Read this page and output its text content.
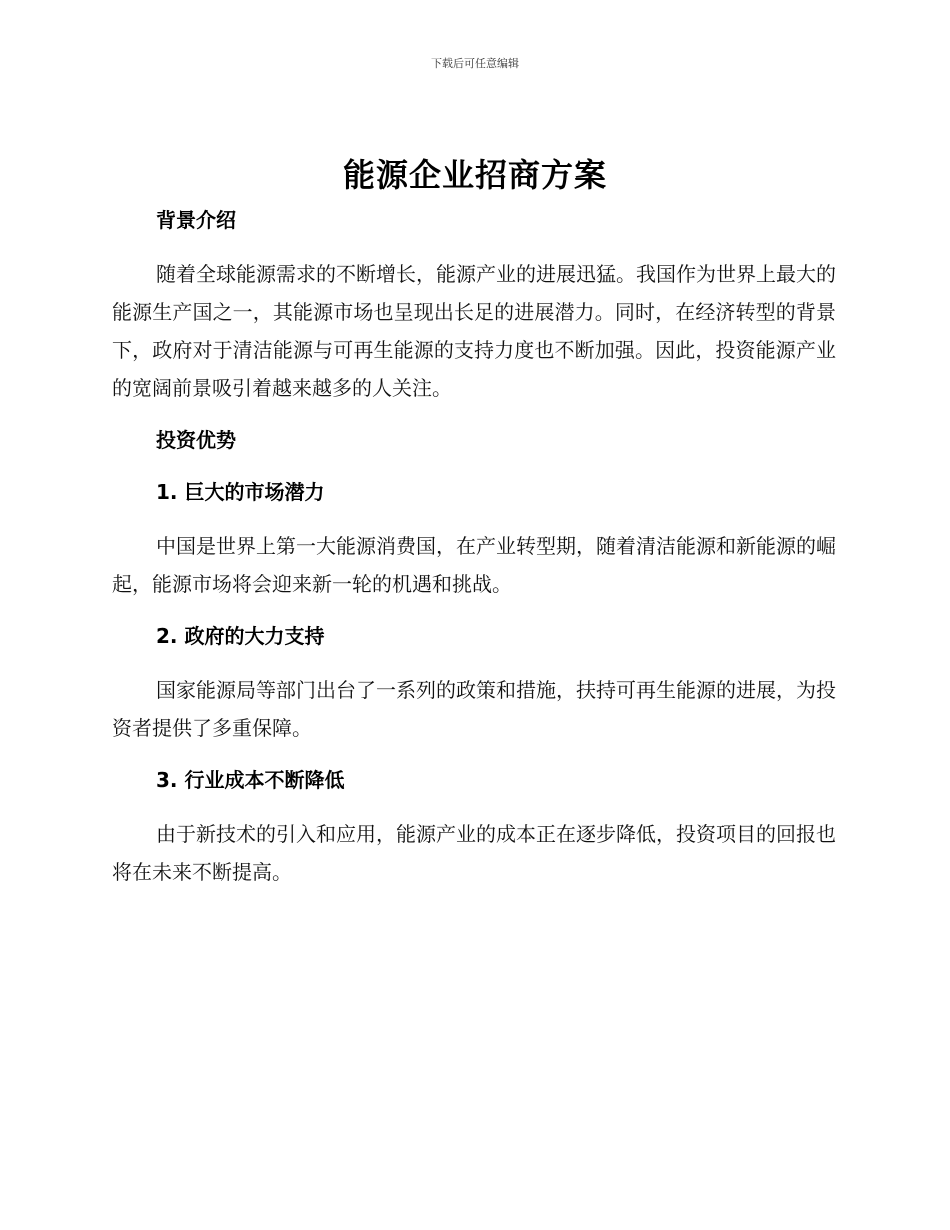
下载后可任意编辑
能源企业招商方案

背景介绍

随着全球能源需求的不断增长，能源产业的进展迅猛。我国作为世界上最大的能源生产国之一，其能源市场也呈现出长足的进展潜力。同时，在经济转型的背景下，政府对于清洁能源与可再生能源的支持力度也不断加强。因此，投资能源产业的宽阔前景吸引着越来越多的人关注。

投资优势

1. 巨大的市场潜力

中国是世界上第一大能源消费国，在产业转型期，随着清洁能源和新能源的崛起，能源市场将会迎来新一轮的机遇和挑战。

2. 政府的大力支持

国家能源局等部门出台了一系列的政策和措施，扶持可再生能源的进展，为投资者提供了多重保障。

3. 行业成本不断降低

由于新技术的引入和应用，能源产业的成本正在逐步降低，投资项目的回报也将在未来不断提高。
